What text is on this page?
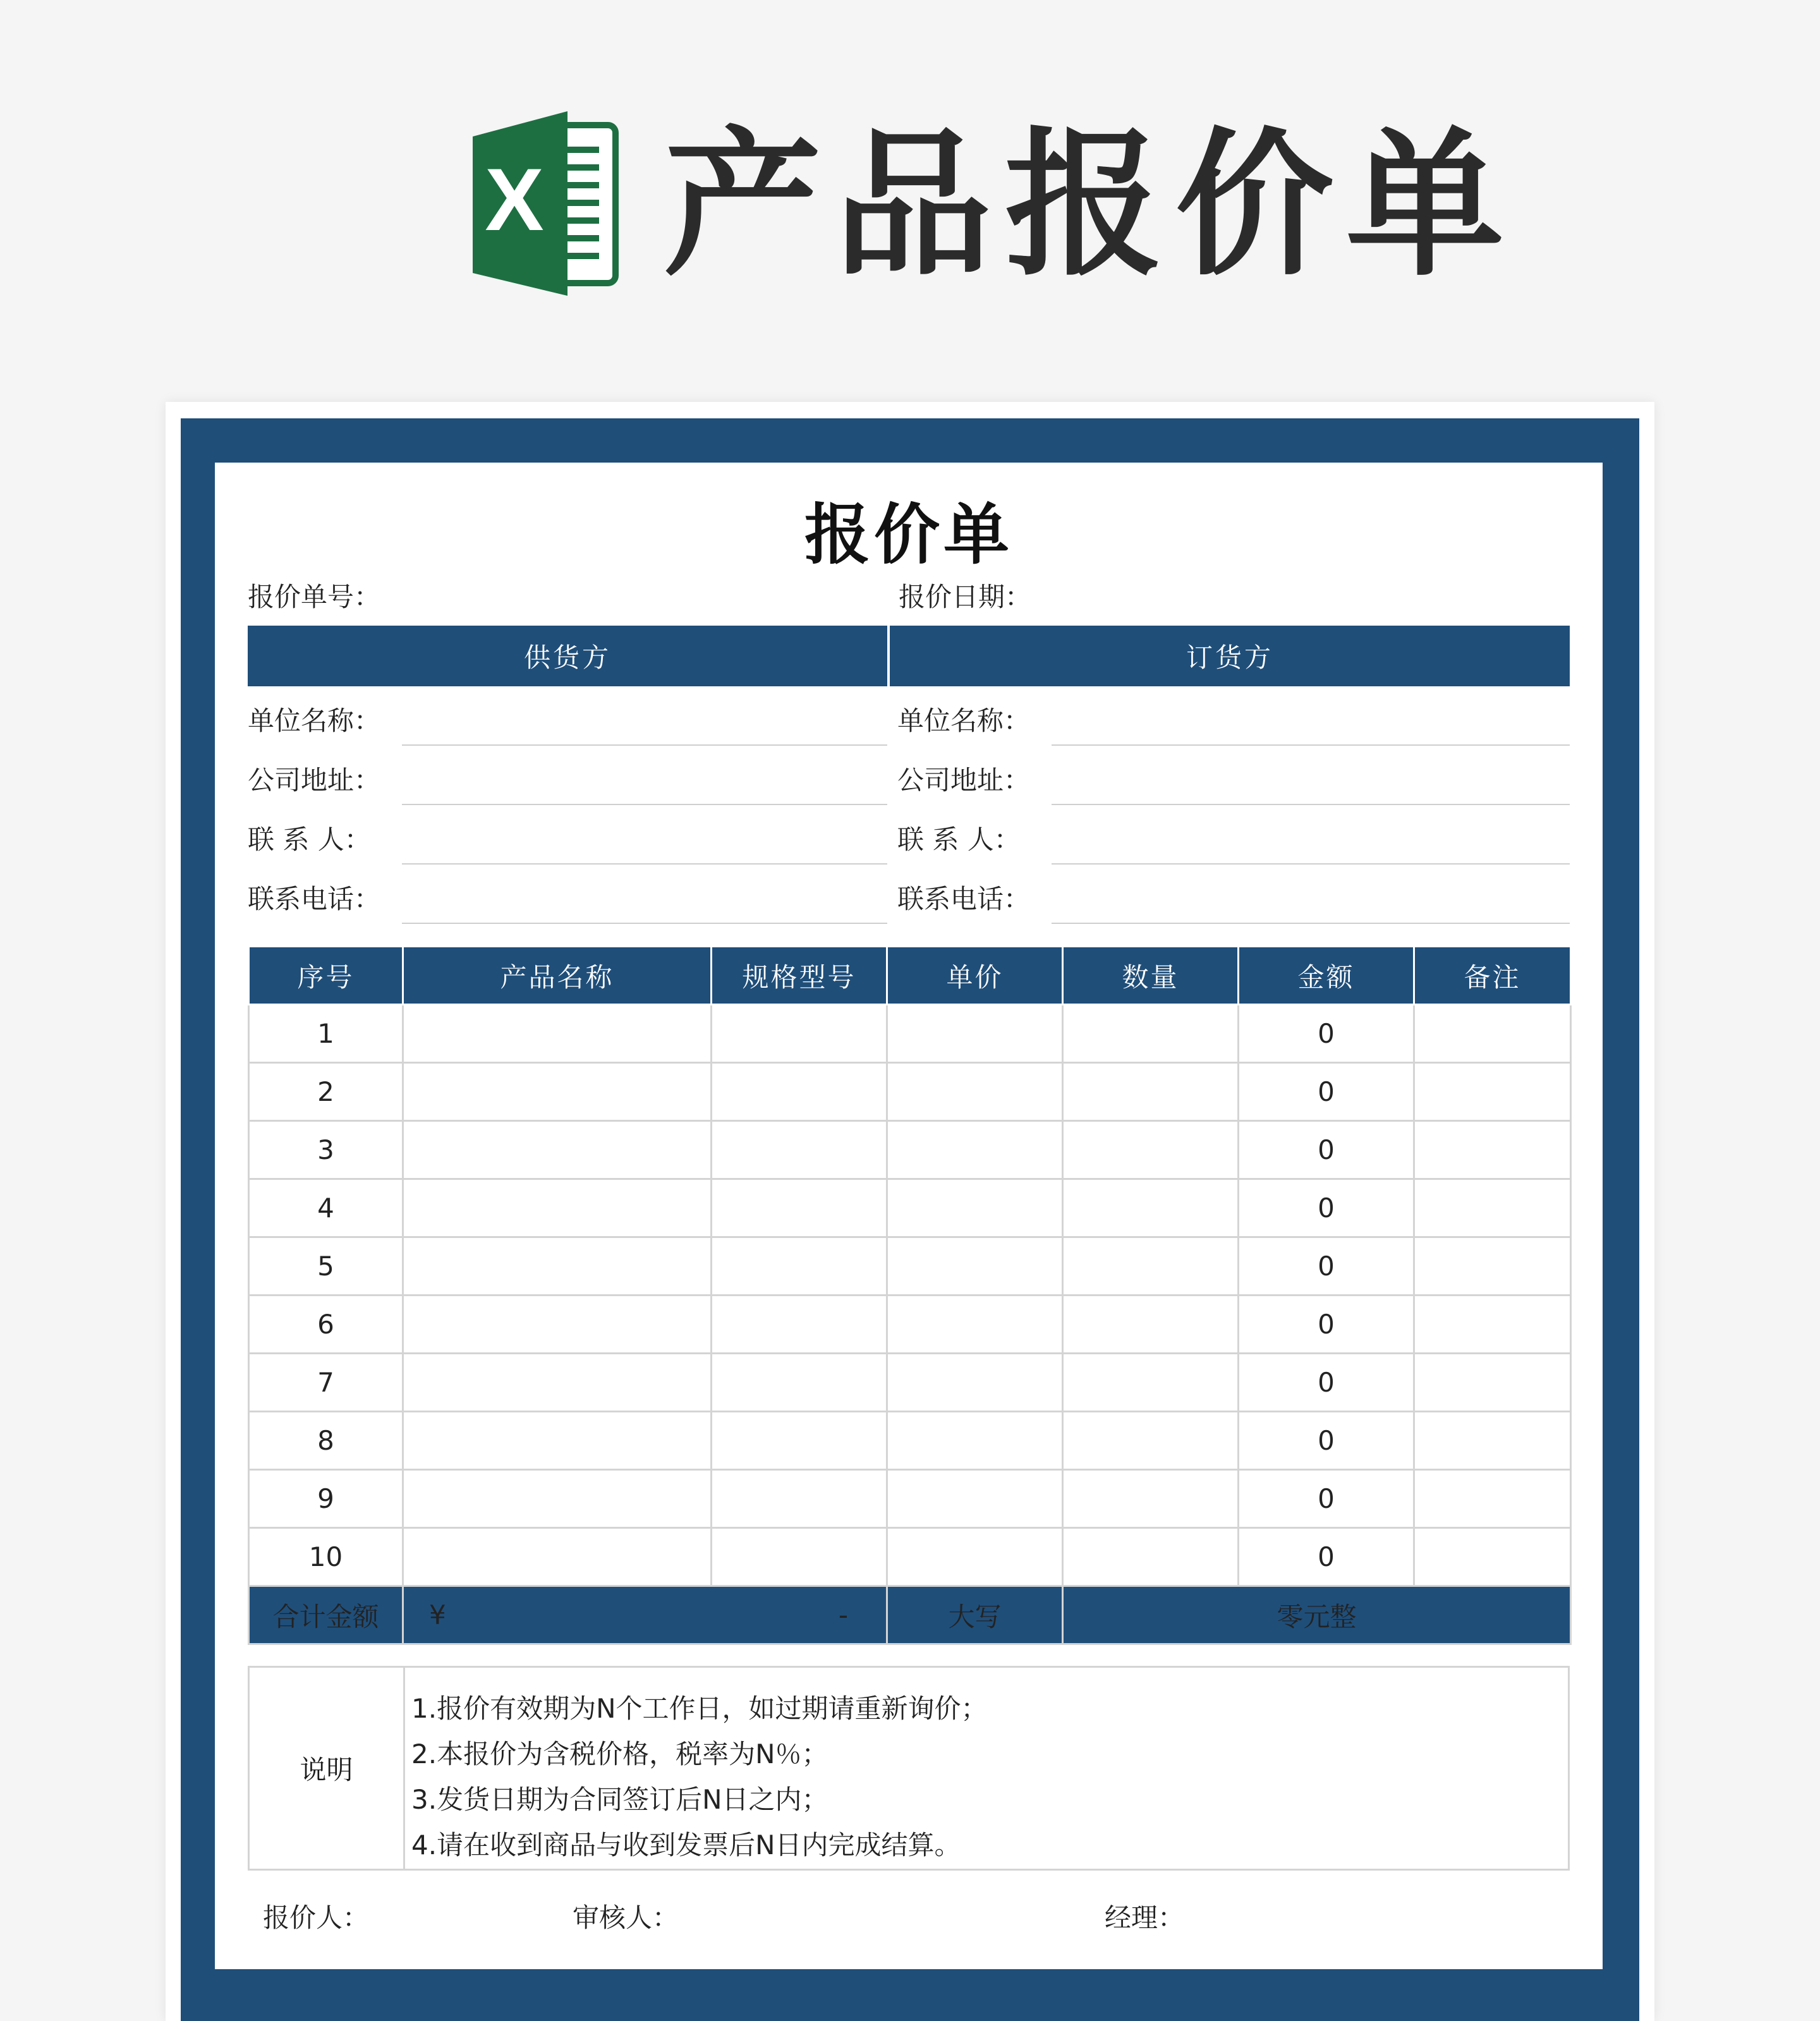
X 产品报价单
报价单
报价单号：	报价日期：
供货方	订货方
单位名称：
公司地址：
联 系 人：
联系电话：
单位名称：
公司地址：
联 系 人：
联系电话：
序号	产品名称	规格型号	单价	数量	金额	备注
1					0	
2					0	
3					0	
4					0	
5					0	
6					0	
7					0	
8					0	
9					0	
10					0	
合计金额	¥ -		大写	零元整		
说明
1.报价有效期为N个工作日，如过期请重新询价；
2.本报价为含税价格，税率为N％；
3.发货日期为合同签订后N日之内；
4.请在收到商品与收到发票后N日内完成结算。
报价人：	审核人：	经理：
